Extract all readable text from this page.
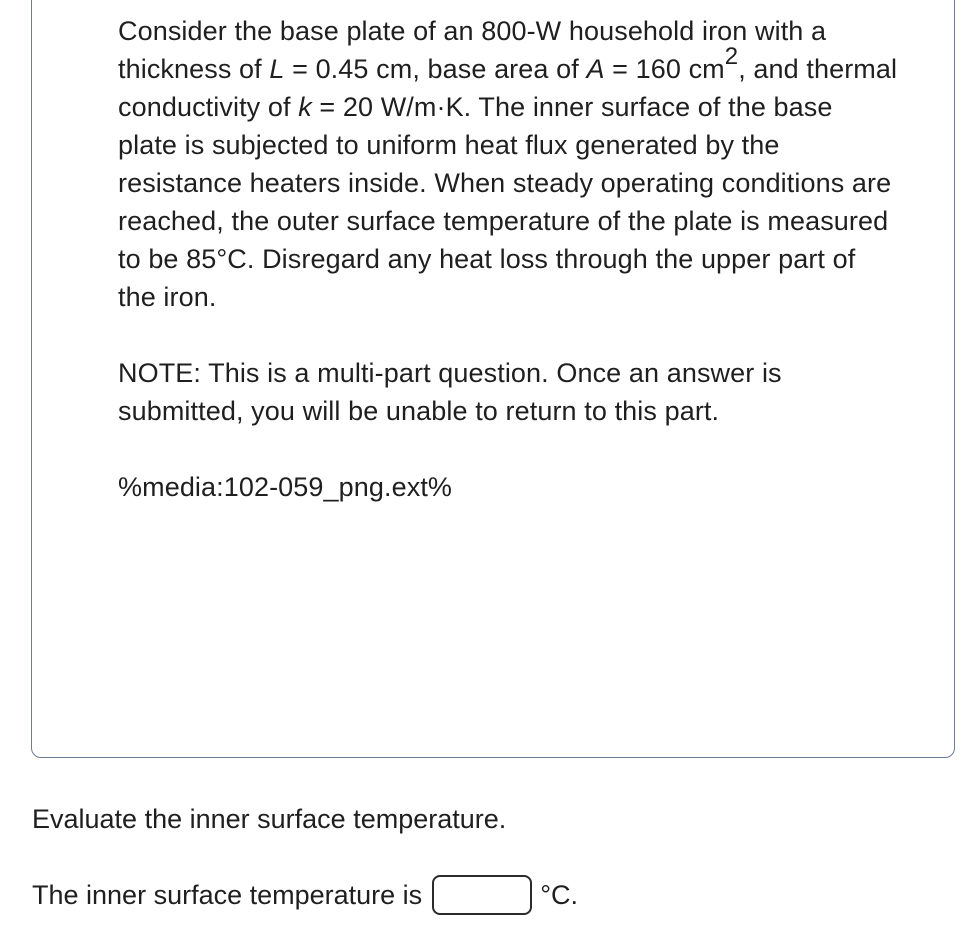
Consider the base plate of an 800-W household iron with a thickness of L = 0.45 cm, base area of A = 160 $cm^2$, and thermal conductivity of k = 20 W/m·K. The inner surface of the base plate is subjected to uniform heat flux generated by the resistance heaters inside. When steady operating conditions are reached, the outer surface temperature of the plate is measured to be 85°C. Disregard any heat loss through the upper part of the iron.

NOTE: This is a multi-part question. Once an answer is submitted, you will be unable to return to this part.

%media:102-059_png.ext%

Evaluate the inner surface temperature.

The inner surface temperature is	°C.
